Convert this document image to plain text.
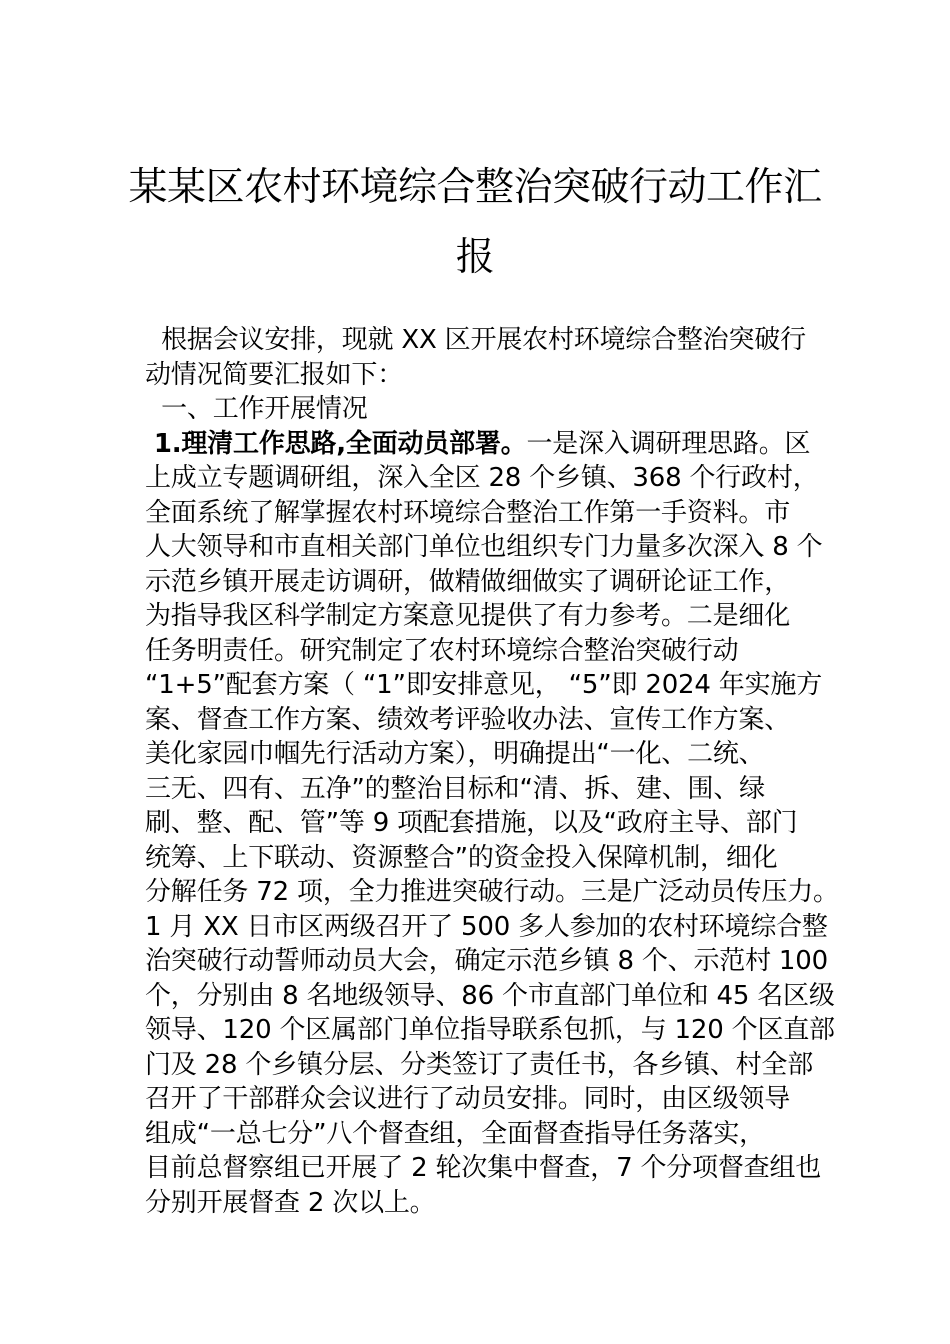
某某区农村环境综合整治突破行动工作汇
报
根据会议安排，现就 XX 区开展农村环境综合整治突破行
动情况简要汇报如下：
一、工作开展情况
1.理清工作思路,全面动员部署。一是深入调研理思路。区
上成立专题调研组，深入全区 28 个乡镇、368 个行政村，
全面系统了解掌握农村环境综合整治工作第一手资料。市
人大领导和市直相关部门单位也组织专门力量多次深入 8 个
示范乡镇开展走访调研，做精做细做实了调研论证工作，
为指导我区科学制定方案意见提供了有力参考。二是细化
任务明责任。研究制定了农村环境综合整治突破行动
“1+5”配套方案（ “1”即安排意见， “5”即 2024 年实施方
案、督查工作方案、绩效考评验收办法、宣传工作方案、
美化家园巾帼先行活动方案），明确提出“一化、二统、
三无、四有、五净”的整治目标和“清、拆、建、围、绿
刷、整、配、管”等 9 项配套措施，以及“政府主导、部门
统筹、上下联动、资源整合”的资金投入保障机制，细化
分解任务 72 项，全力推进突破行动。三是广泛动员传压力。
1 月 XX 日市区两级召开了 500 多人参加的农村环境综合整
治突破行动誓师动员大会，确定示范乡镇 8 个、示范村 100
个，分别由 8 名地级领导、86 个市直部门单位和 45 名区级
领导、120 个区属部门单位指导联系包抓，与 120 个区直部
门及 28 个乡镇分层、分类签订了责任书，各乡镇、村全部
召开了干部群众会议进行了动员安排。同时，由区级领导
组成“一总七分”八个督查组，全面督查指导任务落实，
目前总督察组已开展了 2 轮次集中督查，7 个分项督查组也
分别开展督查 2 次以上。
